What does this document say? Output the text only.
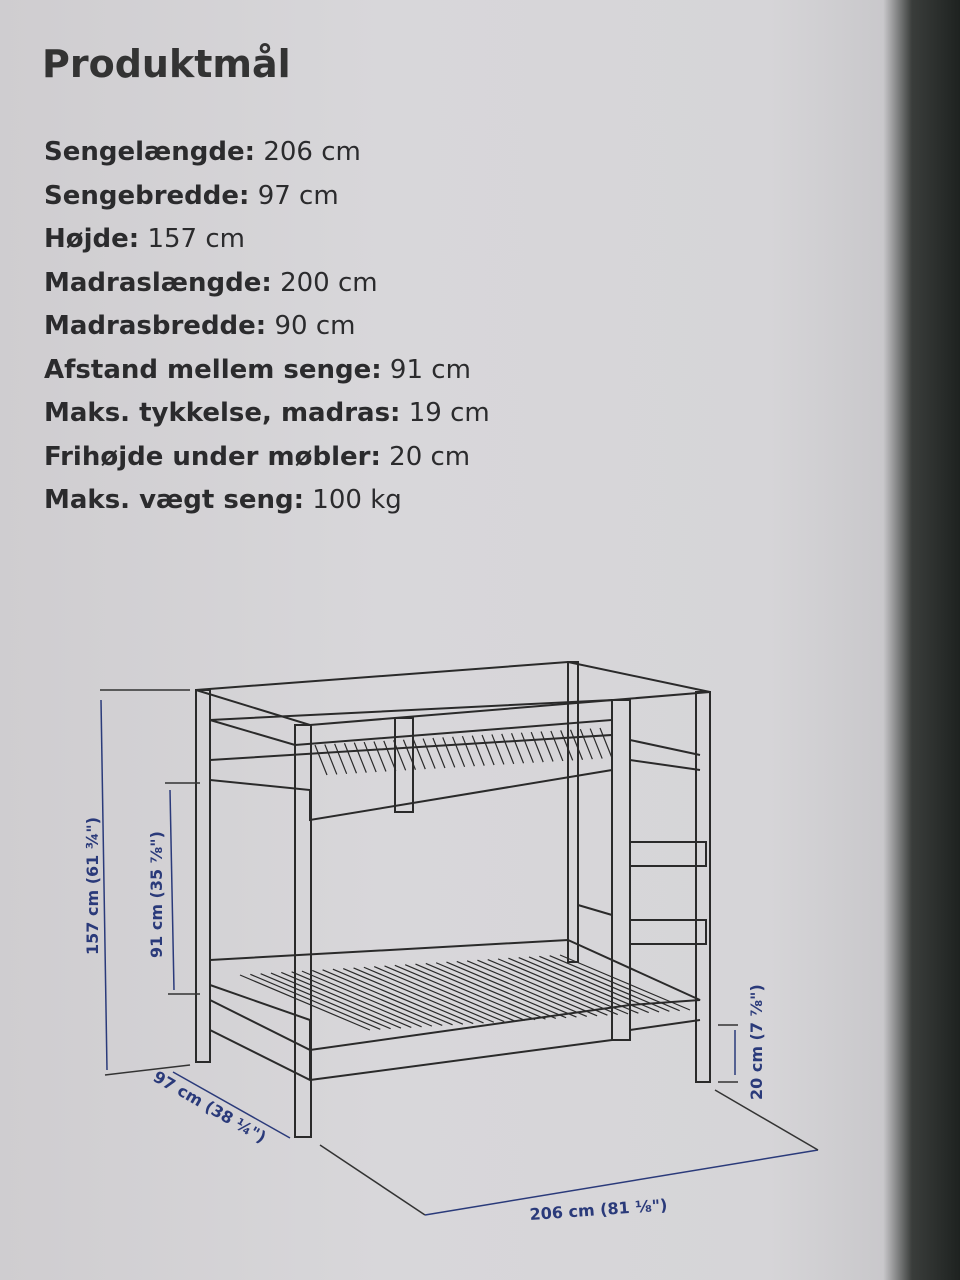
Produktmål
Sengelængde: 206 cm
Sengebredde: 97 cm
Højde: 157 cm
Madraslængde: 200 cm
Madrasbredde: 90 cm
Afstand mellem senge: 91 cm
Maks. tykkelse, madras: 19 cm
Frihøjde under møbler: 20 cm
Maks. vægt seng: 100 kg
157 cm (61 ¾")	91 cm (35 ⅞")
97 cm (38 ¼")
206 cm (81 ⅛")
20 cm (7 ⅞")
